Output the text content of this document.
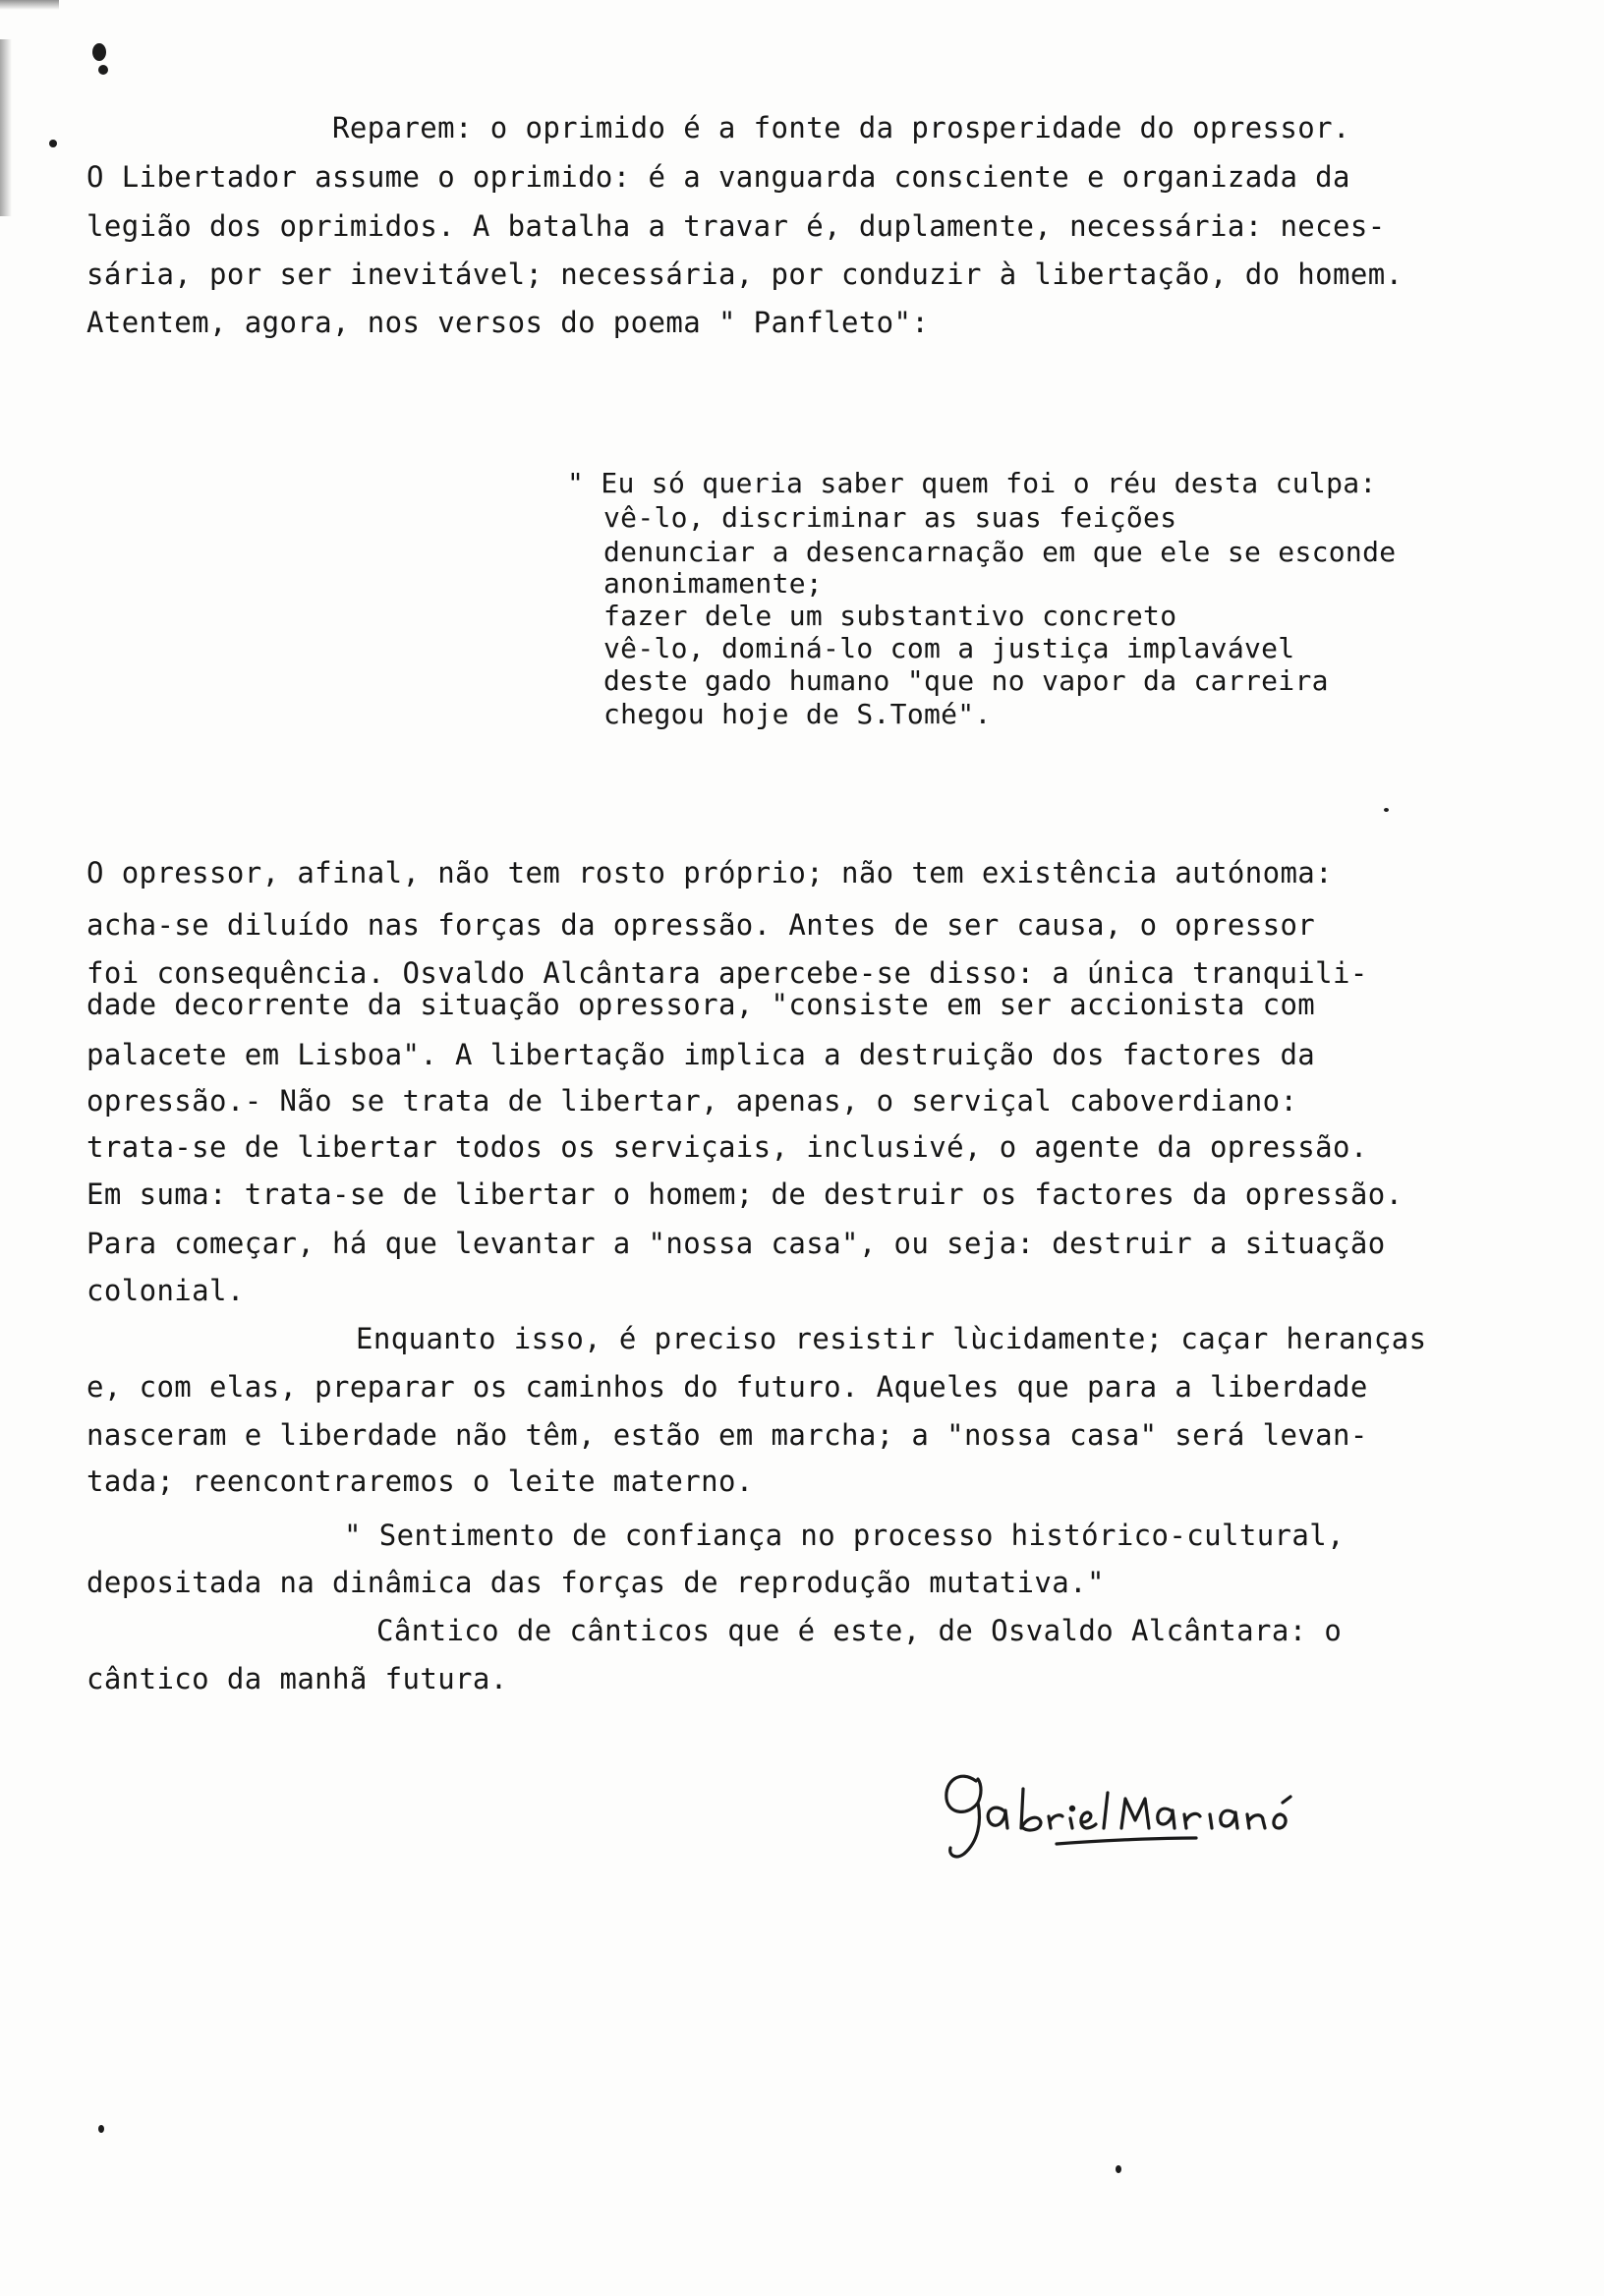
Reparem: o oprimido é a fonte da prosperidade do opressor.
O Libertador assume o oprimido: é a vanguarda consciente e organizada da
legião dos oprimidos. A batalha a travar é, duplamente, necessária: neces-
sária, por ser inevitável; necessária, por conduzir à libertação, do homem.
Atentem, agora, nos versos do poema " Panfleto":
" Eu só queria saber quem foi o réu desta culpa:
vê-lo, discriminar as suas feições
denunciar a desencarnação em que ele se esconde
anonimamente;
fazer dele um substantivo concreto
vê-lo, dominá-lo com a justiça implavável
deste gado humano "que no vapor da carreira
chegou hoje de S.Tomé".
O opressor, afinal, não tem rosto próprio; não tem existência autónoma:
acha-se diluído nas forças da opressão. Antes de ser causa, o opressor
foi consequência. Osvaldo Alcântara apercebe-se disso: a única tranquili-
dade decorrente da situação opressora, "consiste em ser accionista com
palacete em Lisboa". A libertação implica a destruição dos factores da
opressão.- Não se trata de libertar, apenas, o serviçal caboverdiano:
trata-se de libertar todos os serviçais, inclusivé, o agente da opressão.
Em suma: trata-se de libertar o homem; de destruir os factores da opressão.
Para começar, há que levantar a "nossa casa", ou seja: destruir a situação
colonial.
Enquanto isso, é preciso resistir lùcidamente; caçar heranças
e, com elas, preparar os caminhos do futuro. Aqueles que para a liberdade
nasceram e liberdade não têm, estão em marcha; a "nossa casa" será levan-
tada; reencontraremos o leite materno.
" Sentimento de confiança no processo histórico-cultural,
depositada na dinâmica das forças de reprodução mutativa."
Cântico de cânticos que é este, de Osvaldo Alcântara: o
cântico da manhã futura.
